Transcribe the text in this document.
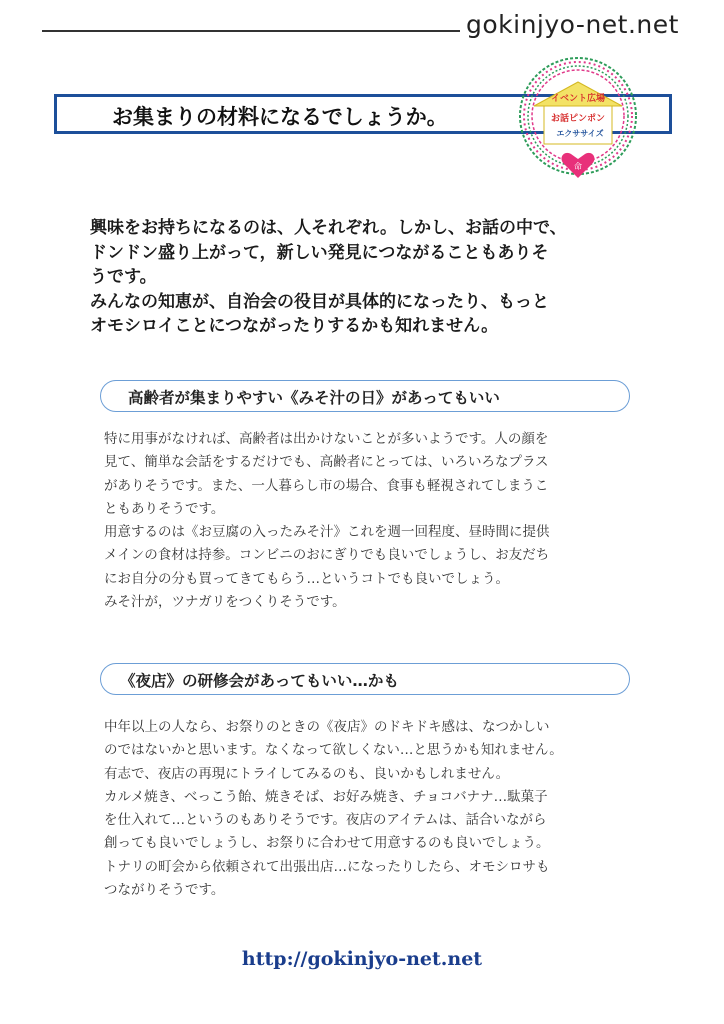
gokinjyo-net.net
お集まりの材料になるでしょうか。
イベント広場
お話ピンポン
エクササイズ
命

興味をお持ちになるのは、人それぞれ。しかし、お話の中で、

ドンドン盛り上がって，新しい発見につながることもありそ

うです。

みんなの知恵が、自治会の役目が具体的になったり、もっと

オモシロイことにつながったりするかも知れません。

高齢者が集まりやすい《みそ汁の日》があってもいい

特に用事がなければ、高齢者は出かけないことが多いようです。人の顔を

見て、簡単な会話をするだけでも、高齢者にとっては、いろいろなプラス

がありそうです。また、一人暮らし市の場合、食事も軽視されてしまうこ

ともありそうです。

用意するのは《お豆腐の入ったみそ汁》これを週一回程度、昼時間に提供

メインの食材は持参。コンビニのおにぎりでも良いでしょうし、お友だち

にお自分の分も買ってきてもらう…というコトでも良いでしょう。

みそ汁が，ツナガリをつくりそうです。

《夜店》の研修会があってもいい…かも

中年以上の人なら、お祭りのときの《夜店》のドキドキ感は、なつかしい

のではないかと思います。なくなって欲しくない…と思うかも知れません。

有志で、夜店の再現にトライしてみるのも、良いかもしれません。

カルメ焼き、べっこう飴、焼きそば、お好み焼き、チョコバナナ…駄菓子

を仕入れて…というのもありそうです。夜店のアイテムは、話合いながら

創っても良いでしょうし、お祭りに合わせて用意するのも良いでしょう。

トナリの町会から依頼されて出張出店…になったりしたら、オモシロサも

つながりそうです。

http://gokinjyo-net.net
